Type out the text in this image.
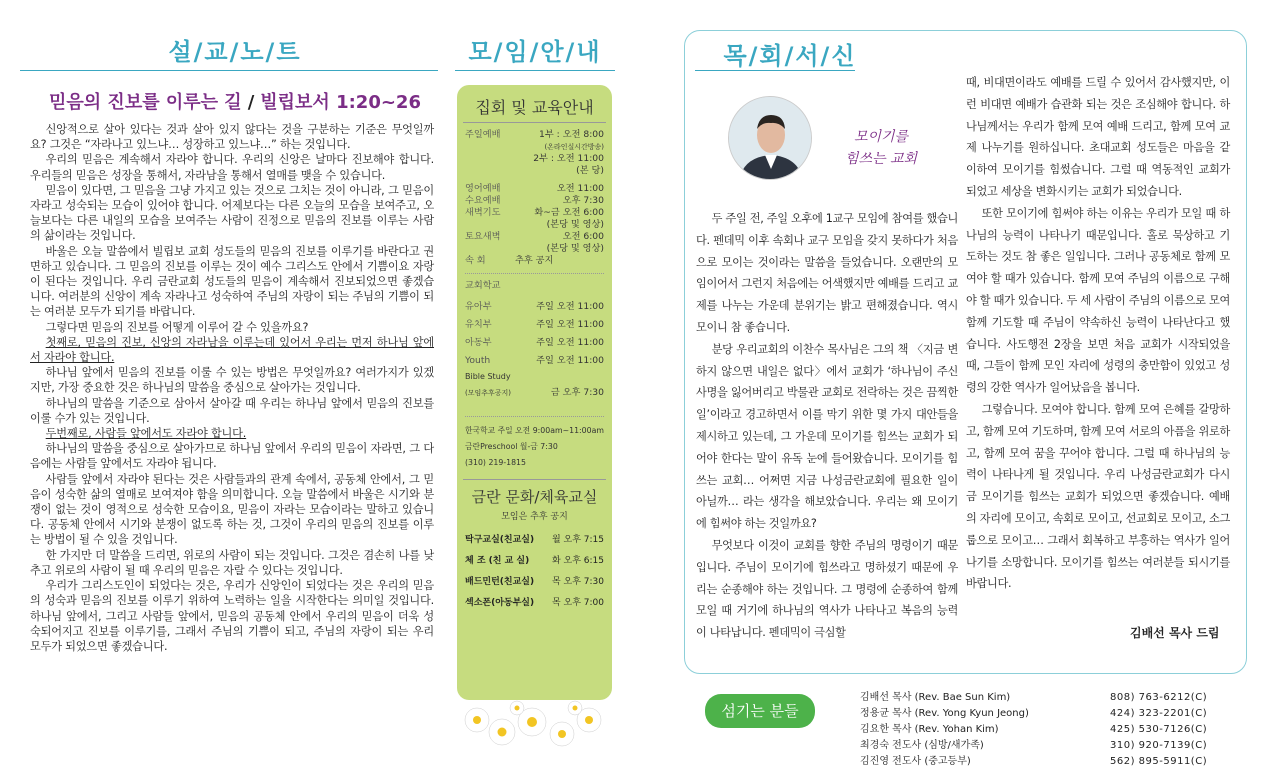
설/교/노/트
믿음의 진보를 이루는 길 / 빌립보서 1:20~26

신앙적으로 살아 있다는 것과 살아 있지 않다는 것을 구분하는 기준은 무엇일까요? 그것은 “자라나고 있느냐… 성장하고 있느냐…” 하는 것입니다.

우리의 믿음은 계속해서 자라야 합니다. 우리의 신앙은 날마다 진보해야 합니다. 우리들의 믿음은 성장을 통해서, 자라남을 통해서 열매를 맺을 수 있습니다.

믿음이 있다면, 그 믿음을 그냥 가지고 있는 것으로 그치는 것이 아니라, 그 믿음이 자라고 성숙되는 모습이 있어야 합니다. 어제보다는 다른 오늘의 모습을 보여주고, 오늘보다는 다른 내일의 모습을 보여주는 사람이 진정으로 믿음의 진보를 이루는 사람의 삶이라는 것입니다.

바울은 오늘 말씀에서 빌립보 교회 성도들의 믿음의 진보를 이루기를 바란다고 권면하고 있습니다. 그 믿음의 진보를 이루는 것이 예수 그리스도 안에서 기쁨이요 자랑이 된다는 것입니다. 우리 금란교회 성도들의 믿음이 계속해서 진보되었으면 좋겠습니다. 여러분의 신앙이 계속 자라나고 성숙하여 주님의 자랑이 되는 주님의 기쁨이 되는 여러분 모두가 되기를 바랍니다.

그렇다면 믿음의 진보를 어떻게 이루어 갈 수 있을까요?

첫째로, 믿음의 진보, 신앙의 자라남을 이루는데 있어서 우리는 먼저 하나님 앞에서 자라야 합니다.

하나님 앞에서 믿음의 진보를 이룰 수 있는 방법은 무엇일까요? 여러가지가 있겠지만, 가장 중요한 것은 하나님의 말씀을 중심으로 살아가는 것입니다.

하나님의 말씀을 기준으로 삼아서 살아갈 때 우리는 하나님 앞에서 믿음의 진보를 이룰 수가 있는 것입니다.

두번째로, 사람들 앞에서도 자라야 합니다.

하나님의 말씀을 중심으로 살아가므로 하나님 앞에서 우리의 믿음이 자라면, 그 다음에는 사람들 앞에서도 자라야 됩니다.

사람들 앞에서 자라야 된다는 것은 사람들과의 관계 속에서, 공동체 안에서, 그 믿음이 성숙한 삶의 열매로 보여져야 함을 의미합니다. 오늘 말씀에서 바울은 시기와 분쟁이 없는 것이 영적으로 성숙한 모습이요, 믿음이 자라는 모습이라는 말하고 있습니다. 공동체 안에서 시기와 분쟁이 없도록 하는 것, 그것이 우리의 믿음의 진보를 이루는 방법이 될 수 있을 것입니다.

한 가지만 더 말씀을 드리면, 위로의 사람이 되는 것입니다. 그것은 겸손히 나를 낮추고 위로의 사람이 될 때 우리의 믿음은 자랄 수 있다는 것입니다.

우리가 그리스도인이 되었다는 것은, 우리가 신앙인이 되었다는 것은 우리의 믿음의 성숙과 믿음의 진보를 이루기 위하여 노력하는 일을 시작한다는 의미일 것입니다. 하나님 앞에서, 그리고 사람들 앞에서, 믿음의 공동체 안에서 우리의 믿음이 더욱 성숙되어지고 진보를 이루기를, 그래서 주님의 기쁨이 되고, 주님의 자랑이 되는 우리 모두가 되었으면 좋겠습니다.

모/임/안/내
집회 및 교육안내
주일예배	1부 : 오전 8:00
(온라인실시간방송)
2부 : 오전 11:00
(본 당)
영어예배	오전 11:00
수요예배	오후 7:30
새벽기도	화~금 오전 6:00
(본당 및 영상)
토요새벽	오전 6:00
(본당 및 영상)
속 회	추후 공지
교회학교
유아부	주일 오전 11:00
유치부	주일 오전 11:00
아동부	주일 오전 11:00
Youth	주일 오전 11:00
Bible Study
(모임추후공지)	금 오후 7:30
한국학교 주일 오전 9:00am~11:00am
금란Preschool 월-금 7:30
(310) 219-1815
금란 문화/체육교실
모임은 추후 공지
탁구교실(친교실) 월 오후 7:15
체 조 (친 교 실)	화 오후 6:15
배드민턴(친교실) 목 오후 7:30
섹소폰(아동부실) 목 오후 7:00
목/회/서/신
모이기를
힘쓰는 교회

두 주일 전, 주일 오후에 1교구 모임에 참여를 했습니다. 펜데믹 이후 속회나 교구 모임을 갖지 못하다가 처음으로 모이는 것이라는 말씀을 들었습니다. 오랜만의 모임이어서 그런지 처음에는 어색했지만 예배를 드리고 교제를 나누는 가운데 분위기는 밝고 편해졌습니다. 역시 모이니 참 좋습니다.

분당 우리교회의 이찬수 목사님은 그의 책 〈지금 변하지 않으면 내일은 없다〉에서 교회가 ‘하나님이 주신 사명을 잃어버리고 박물관 교회로 전락하는 것은 끔찍한 일’이라고 경고하면서 이를 막기 위한 몇 가지 대안들을 제시하고 있는데, 그 가운데 모이기를 힘쓰는 교회가 되어야 한다는 말이 유독 눈에 들어왔습니다. 모이기를 힘쓰는 교회… 어쩌면 지금 나성금란교회에 필요한 일이 아닐까… 라는 생각을 해보았습니다. 우리는 왜 모이기에 힘써야 하는 것일까요?

무엇보다 이것이 교회를 향한 주님의 명령이기 때문입니다. 주님이 모이기에 힘쓰라고 명하셨기 때문에 우리는 순종해야 하는 것입니다. 그 명령에 순종하여 함께 모일 때 거기에 하나님의 역사가 나타나고 복음의 능력이 나타납니다. 펜데믹이 극심할

때, 비대면이라도 예배를 드릴 수 있어서 감사했지만, 이런 비대면 예배가 습관화 되는 것은 조심해야 합니다. 하나님께서는 우리가 함께 모여 예배 드리고, 함께 모여 교제 나누기를 원하십니다. 초대교회 성도들은 마음을 같이하여 모이기를 힘썼습니다. 그럴 때 역동적인 교회가 되었고 세상을 변화시키는 교회가 되었습니다.

또한 모이기에 힘써야 하는 이유는 우리가 모일 때 하나님의 능력이 나타나기 때문입니다. 홀로 묵상하고 기도하는 것도 참 좋은 일입니다. 그러나 공동체로 함께 모여야 할 때가 있습니다. 함께 모여 주님의 이름으로 구해야 할 때가 있습니다. 두 세 사람이 주님의 이름으로 모여 함께 기도할 때 주님이 약속하신 능력이 나타난다고 했습니다. 사도행전 2장을 보면 처음 교회가 시작되었을 때, 그들이 함께 모인 자리에 성령의 충만함이 있었고 성령의 강한 역사가 일어났음을 봅니다.

그렇습니다. 모여야 합니다. 함께 모여 은혜를 갈망하고, 함께 모여 기도하며, 함께 모여 서로의 아픔을 위로하고, 함께 모여 꿈을 꾸어야 합니다. 그럴 때 하나님의 능력이 나타나게 될 것입니다. 우리 나성금란교회가 다시금 모이기를 힘쓰는 교회가 되었으면 좋겠습니다. 예배의 자리에 모이고, 속회로 모이고, 선교회로 모이고, 소그룹으로 모이고… 그래서 회복하고 부흥하는 역사가 일어나기를 소망합니다. 모이기를 힘쓰는 여러분들 되시기를 바랍니다.

김배선 목사 드림
섬기는 분들
김배선 목사 (Rev. Bae Sun Kim)	808) 763-6212(C)
정용균 목사 (Rev. Yong Kyun Jeong)	424) 323-2201(C)
김요한 목사 (Rev. Yohan Kim)	425) 530-7126(C)
최경숙 전도사 (심방/새가족)	310) 920-7139(C)
김진영 전도사 (중고등부)	562) 895-5911(C)
